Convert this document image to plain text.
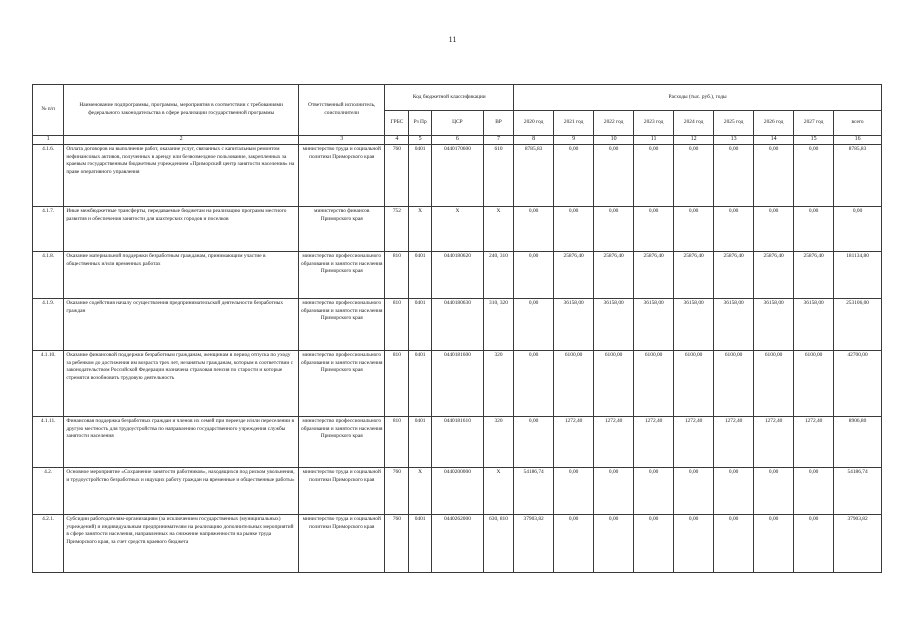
11
№ п/п	Наименование подпрограммы, программы, мероприятия в соответствии с требованиями федерального законодательства в сфере реализации государственной программы	Ответственный исполнитель, соисполнители	Код бюджетной классификации				Расходы (тыс. руб.), годы								
			ГРБС	Рз Пр	ЦСР	ВР	2020 год	2021 год	2022 год	2023 год	2024 год	2025 год	2026 год	2027 год	всего
1	2	3	4	5	6	7	8	9	10	11	12	13	14	15	16
4.1.6.	Оплата договоров на выполнение работ, оказание услуг, связанных с капитальным ремонтом нефинансовых активов, полученных в аренду или безвозмездное пользование, закрепленных за краевым государственным бюджетным учреждением «Приморский центр занятости населения» на праве оперативного управления	министерство труда и социальной политики Приморского края	760	0401	0440170600	610	8785,83	0,00	0,00	0,00	0,00	0,00	0,00	0,00	8785,83
4.1.7.	Иные межбюджетные трансферты, передаваемые бюджетам на реализацию программ местного развития и обеспечения занятости для шахтерских городов и поселков	министерство финансов Приморского края	752	Х	Х	Х	0,00	0,00	0,00	0,00	0,00	0,00	0,00	0,00	0,00
4.1.8.	Оказание материальной поддержки безработным гражданам, принимающим участие в общественных и/или временных работах	министерство профессионального образования и занятости населения Приморского края	810	0401	0440180620	240, 310	0,00	25876,40	25876,40	25876,40	25876,40	25876,40	25876,40	25876,40	181134,80
4.1.9.	Оказание содействия началу осуществления предпринимательской деятельности безработных граждан	министерство профессионального образования и занятости населения Приморского края	810	0401	0440180630	310, 320	0,00	36158,00	36158,00	36158,00	36158,00	36158,00	36158,00	36158,00	253106,00
4.1.10.	Оказание финансовой поддержки безработным гражданам, женщинам в период отпуска по уходу за ребенком до достижения им возраста трех лет, незанятым гражданам, которым в соответствии с законодательством Российской Федерации назначена страховая пенсия по старости и которые стремятся возобновить трудовую деятельность	министерство профессионального образования и занятости населения Приморского края	810	0401	0440181600	320	0,00	6100,00	6100,00	6100,00	6100,00	6100,00	6100,00	6100,00	42700,00
4.1.11.	Финансовая поддержка безработных граждан и членов их семей при переезде и/или переселении в другую местность для трудоустройства по направлению государственного учреждения службы занятости населения	министерство профессионального образования и занятости населения Приморского края	810	0401	0440181610	320	0,00	1272,40	1272,40	1272,40	1272,40	1272,40	1272,40	1272,40	8906,80
4.2.	Основное мероприятие «Сохранение занятости работников», находящихся под риском увольнения, и трудоустройство безработных и ищущих работу граждан на временные и общественные работы»	министерство труда и социальной политики Приморского края	760	Х	0440200000	Х	54186,74	0,00	0,00	0,00	0,00	0,00	0,00	0,00	54186,74
4.2.1.	Субсидии работодателям-организациям (за исключением государственных (муниципальных) учреждений) и индивидуальным предпринимателям на реализацию дополнительных мероприятий в сфере занятости населения, направленных на снижение напряженности на рынке труда Приморского края, за счет средств краевого бюджета	министерство труда и социальной политики Приморского края	760	0401	0440262000	630, 810	37903,82	0,00	0,00	0,00	0,00	0,00	0,00	0,00	37903,82
